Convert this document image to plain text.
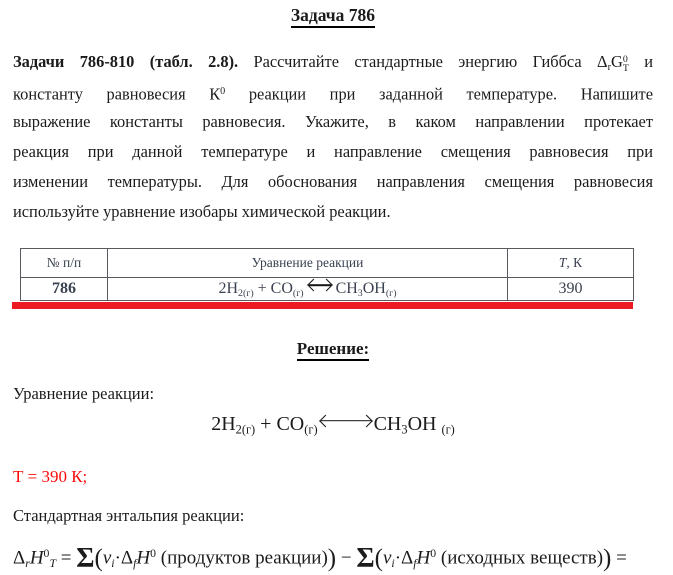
Задача 786
Задачи 786-810 (табл. 2.8). Рассчитайте стандартные энергию Гиббса ΔrG 0
Т и
константу равновесия $К^0$ реакции при заданной температуре. Напишите
выражение константы равновесия. Укажите, в каком направлении протекает
реакция при данной температуре и направление смещения равновесия при
изменении температуры. Для обоснования направления смещения равновесия
используйте уравнение изобары химической реакции.
№ п/п	Уравнение реакции	Т, К
786	2H2(г) + CO(г) CH3OH(г)	390
Решение:
Уравнение реакции:
2H2(г) + CO(г) → CH3OH (г)
Т = 390 К;
Стандартная энтальпия реакции:
ΔrH$^0$T = Σ(νi·ΔfH$^0$ (продуктов реакции)) − Σ(νi·ΔfH$^0$ (исходных веществ)) =
